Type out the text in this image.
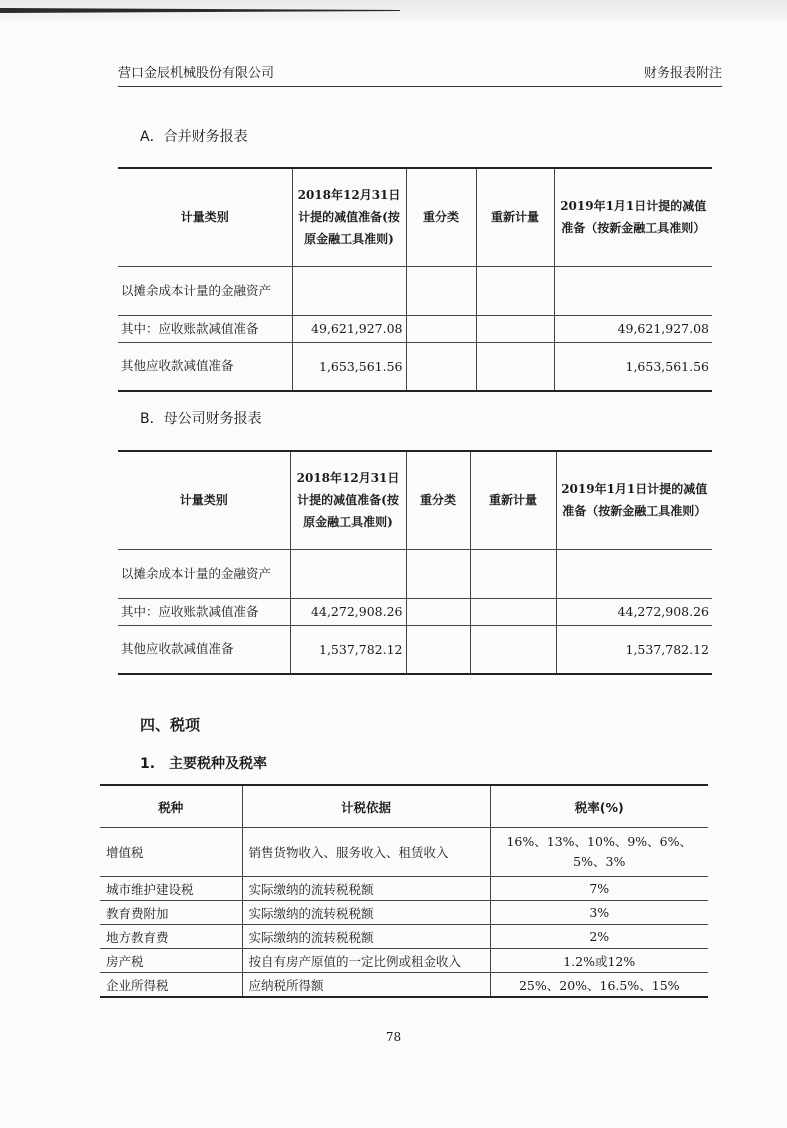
营口金辰机械股份有限公司	财务报表附注
A．合并财务报表
计量类别	2018年12月31日计提的减值准备(按原金融工具准则)	重分类	重新计量	2019年1月1日计提的减值准备（按新金融工具准则）
以摊余成本计量的金融资产				
其中：应收账款减值准备	49,621,927.08			49,621,927.08
其他应收款减值准备	1,653,561.56			1,653,561.56
B．母公司财务报表
计量类别	2018年12月31日计提的减值准备(按原金融工具准则)	重分类	重新计量	2019年1月1日计提的减值准备（按新金融工具准则）
以摊余成本计量的金融资产				
其中：应收账款减值准备	44,272,908.26			44,272,908.26
其他应收款减值准备	1,537,782.12			1,537,782.12
四、税项
1.　主要税种及税率
税种	计税依据	税率(%)
增值税	销售货物收入、服务收入、租赁收入	16%、13%、10%、9%、6%、5%、3%
城市维护建设税	实际缴纳的流转税税额	7%
教育费附加	实际缴纳的流转税税额	3%
地方教育费	实际缴纳的流转税税额	2%
房产税	按自有房产原值的一定比例或租金收入	1.2%或12%
企业所得税	应纳税所得额	25%、20%、16.5%、15%
78
